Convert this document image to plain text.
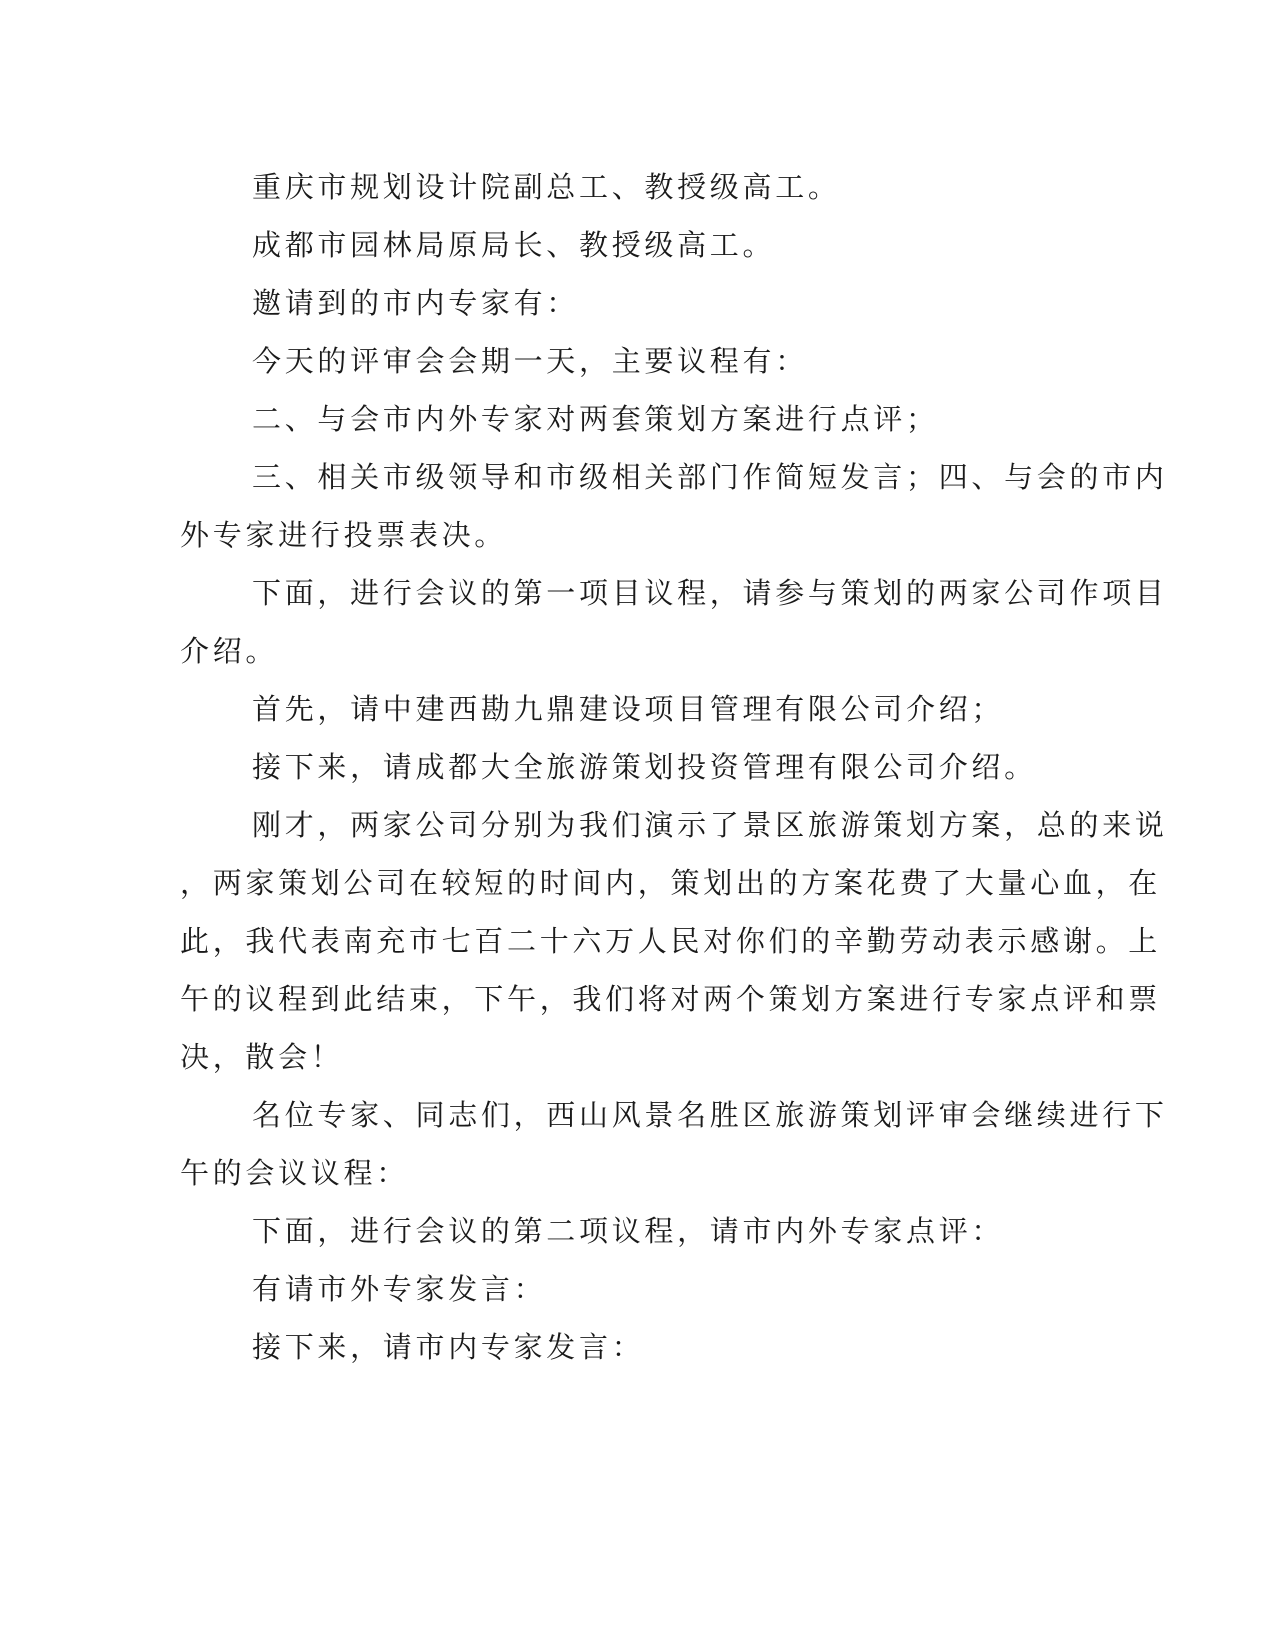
重庆市规划设计院副总工、教授级高工。
成都市园林局原局长、教授级高工。
邀请到的市内专家有：
今天的评审会会期一天，主要议程有：
二、与会市内外专家对两套策划方案进行点评；
三、相关市级领导和市级相关部门作简短发言；四、与会的市内
外专家进行投票表决。
下面，进行会议的第一项目议程，请参与策划的两家公司作项目
介绍。
首先，请中建西勘九鼎建设项目管理有限公司介绍；
接下来，请成都大全旅游策划投资管理有限公司介绍。
刚才，两家公司分别为我们演示了景区旅游策划方案，总的来说
，两家策划公司在较短的时间内，策划出的方案花费了大量心血，在
此，我代表南充市七百二十六万人民对你们的辛勤劳动表示感谢。上
午的议程到此结束，下午，我们将对两个策划方案进行专家点评和票
决，散会！
名位专家、同志们，西山风景名胜区旅游策划评审会继续进行下
午的会议议程：
下面，进行会议的第二项议程，请市内外专家点评：
有请市外专家发言：
接下来，请市内专家发言：
